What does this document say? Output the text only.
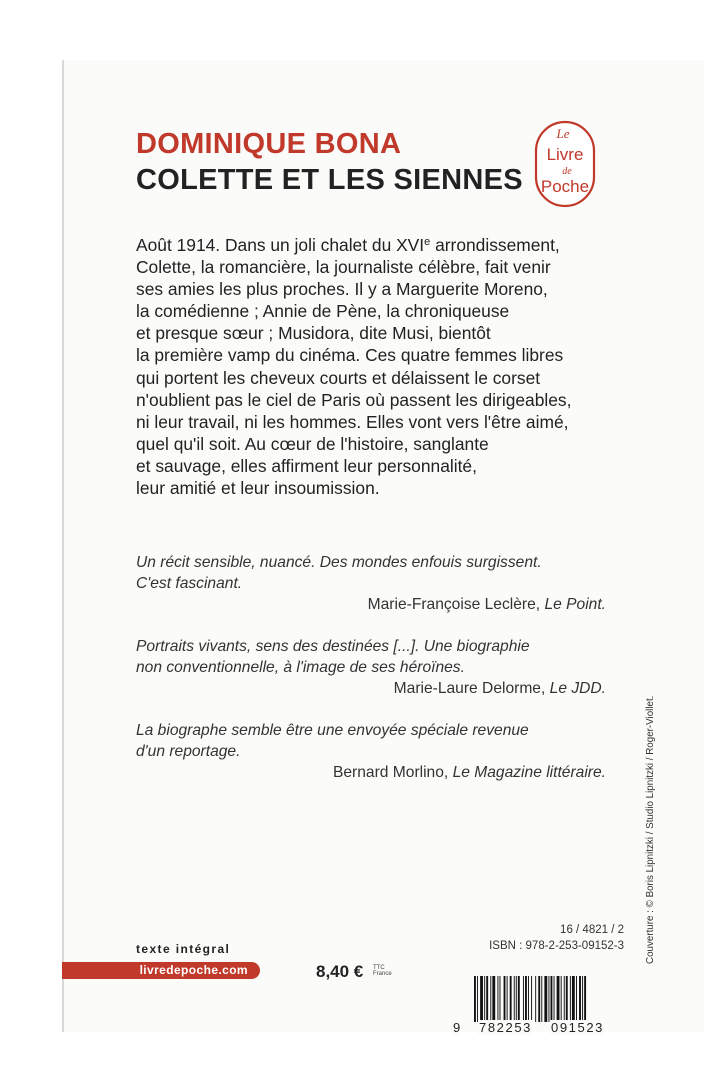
DOMINIQUE BONA
COLETTE ET LES SIENNES
Le
Livre
de
Poche
Août 1914. Dans un joli chalet du XVIe arrondissement,
Colette, la romancière, la journaliste célèbre, fait venir
ses amies les plus proches. Il y a Marguerite Moreno,
la comédienne ; Annie de Pène, la chroniqueuse
et presque sœur ; Musidora, dite Musi, bientôt
la première vamp du cinéma. Ces quatre femmes libres
qui portent les cheveux courts et délaissent le corset
n'oublient pas le ciel de Paris où passent les dirigeables,
ni leur travail, ni les hommes. Elles vont vers l'être aimé,
quel qu'il soit. Au cœur de l'histoire, sanglante
et sauvage, elles affirment leur personnalité,
leur amitié et leur insoumission.
Un récit sensible, nuancé. Des mondes enfouis surgissent.
C'est fascinant.
Marie-Françoise Leclère, Le Point.
Portraits vivants, sens des destinées [...]. Une biographie
non conventionnelle, à l'image de ses héroïnes.
Marie-Laure Delorme, Le JDD.
La biographe semble être une envoyée spéciale revenue
d'un reportage.
Bernard Morlino, Le Magazine littéraire.
texte intégral
livredepoche.com	8,40 € TTC
France
16 / 4821 / 2
ISBN : 978-2-253-09152-3
9 782253 091523
Couverture : © Boris Lipnitzki / Studio Lipnitzki / Roger-Viollet.
